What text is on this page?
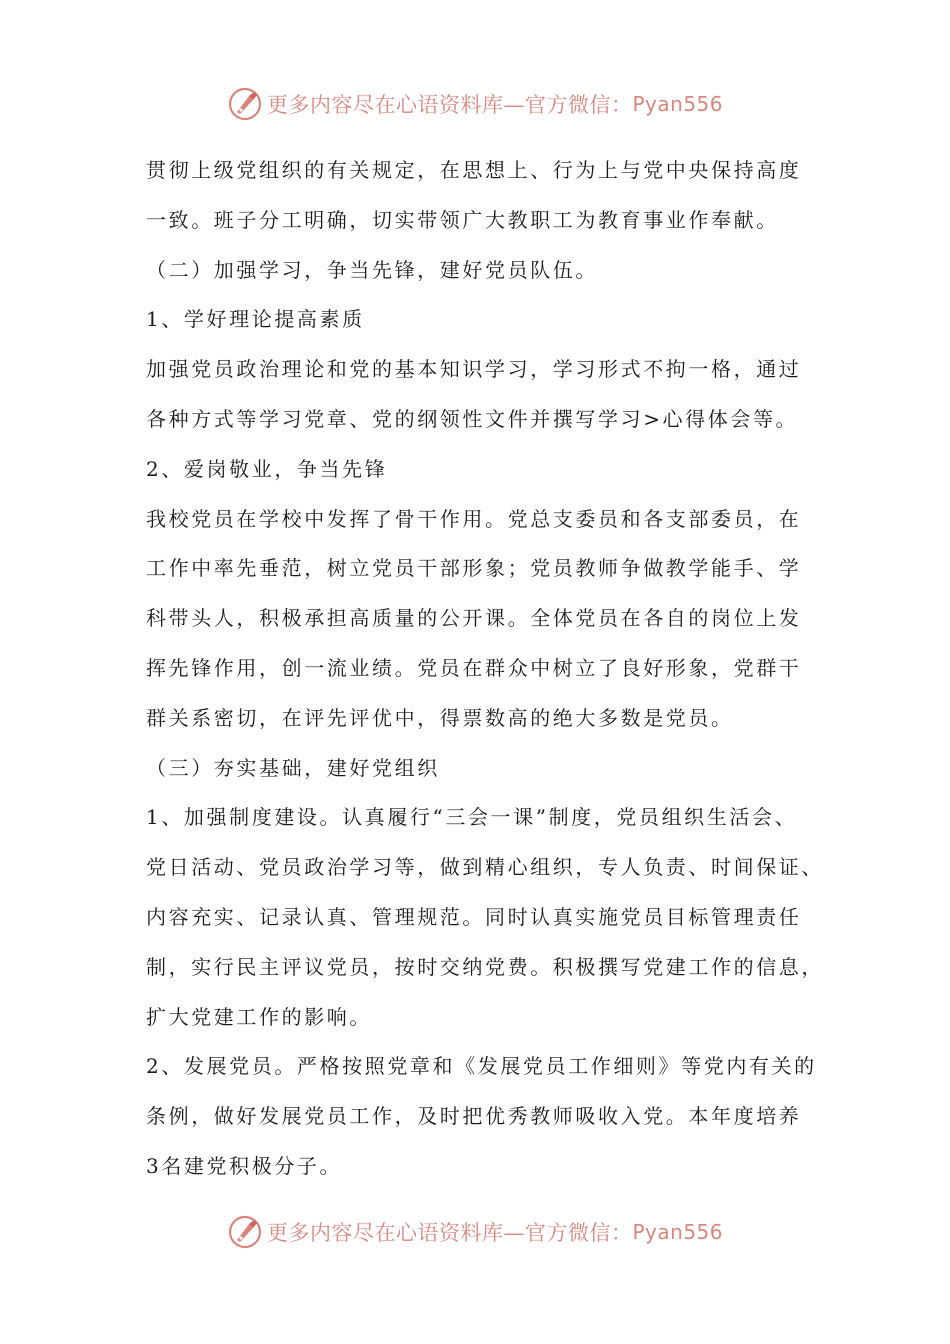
更多内容尽在心语资料库—官方微信： Pyan556

贯彻上级党组织的有关规定，在思想上、行为上与党中央保持高度

一致。班子分工明确，切实带领广大教职工为教育事业作奉献。

（二）加强学习，争当先锋，建好党员队伍。

1、学好理论提高素质

加强党员政治理论和党的基本知识学习，学习形式不拘一格，通过

各种方式等学习党章、党的纲领性文件并撰写学习>心得体会等。

2、爱岗敬业，争当先锋

我校党员在学校中发挥了骨干作用。党总支委员和各支部委员，在

工作中率先垂范，树立党员干部形象；党员教师争做教学能手、学

科带头人，积极承担高质量的公开课。全体党员在各自的岗位上发

挥先锋作用，创一流业绩。党员在群众中树立了良好形象，党群干

群关系密切，在评先评优中，得票数高的绝大多数是党员。

（三）夯实基础，建好党组织

1、加强制度建设。认真履行“三会一课”制度，党员组织生活会、

党日活动、党员政治学习等，做到精心组织，专人负责、时间保证、

内容充实、记录认真、管理规范。同时认真实施党员目标管理责任

制，实行民主评议党员，按时交纳党费。积极撰写党建工作的信息，

扩大党建工作的影响。

2、发展党员。严格按照党章和《发展党员工作细则》等党内有关的

条例，做好发展党员工作，及时把优秀教师吸收入党。本年度培养

3名建党积极分子。

更多内容尽在心语资料库—官方微信： Pyan556
